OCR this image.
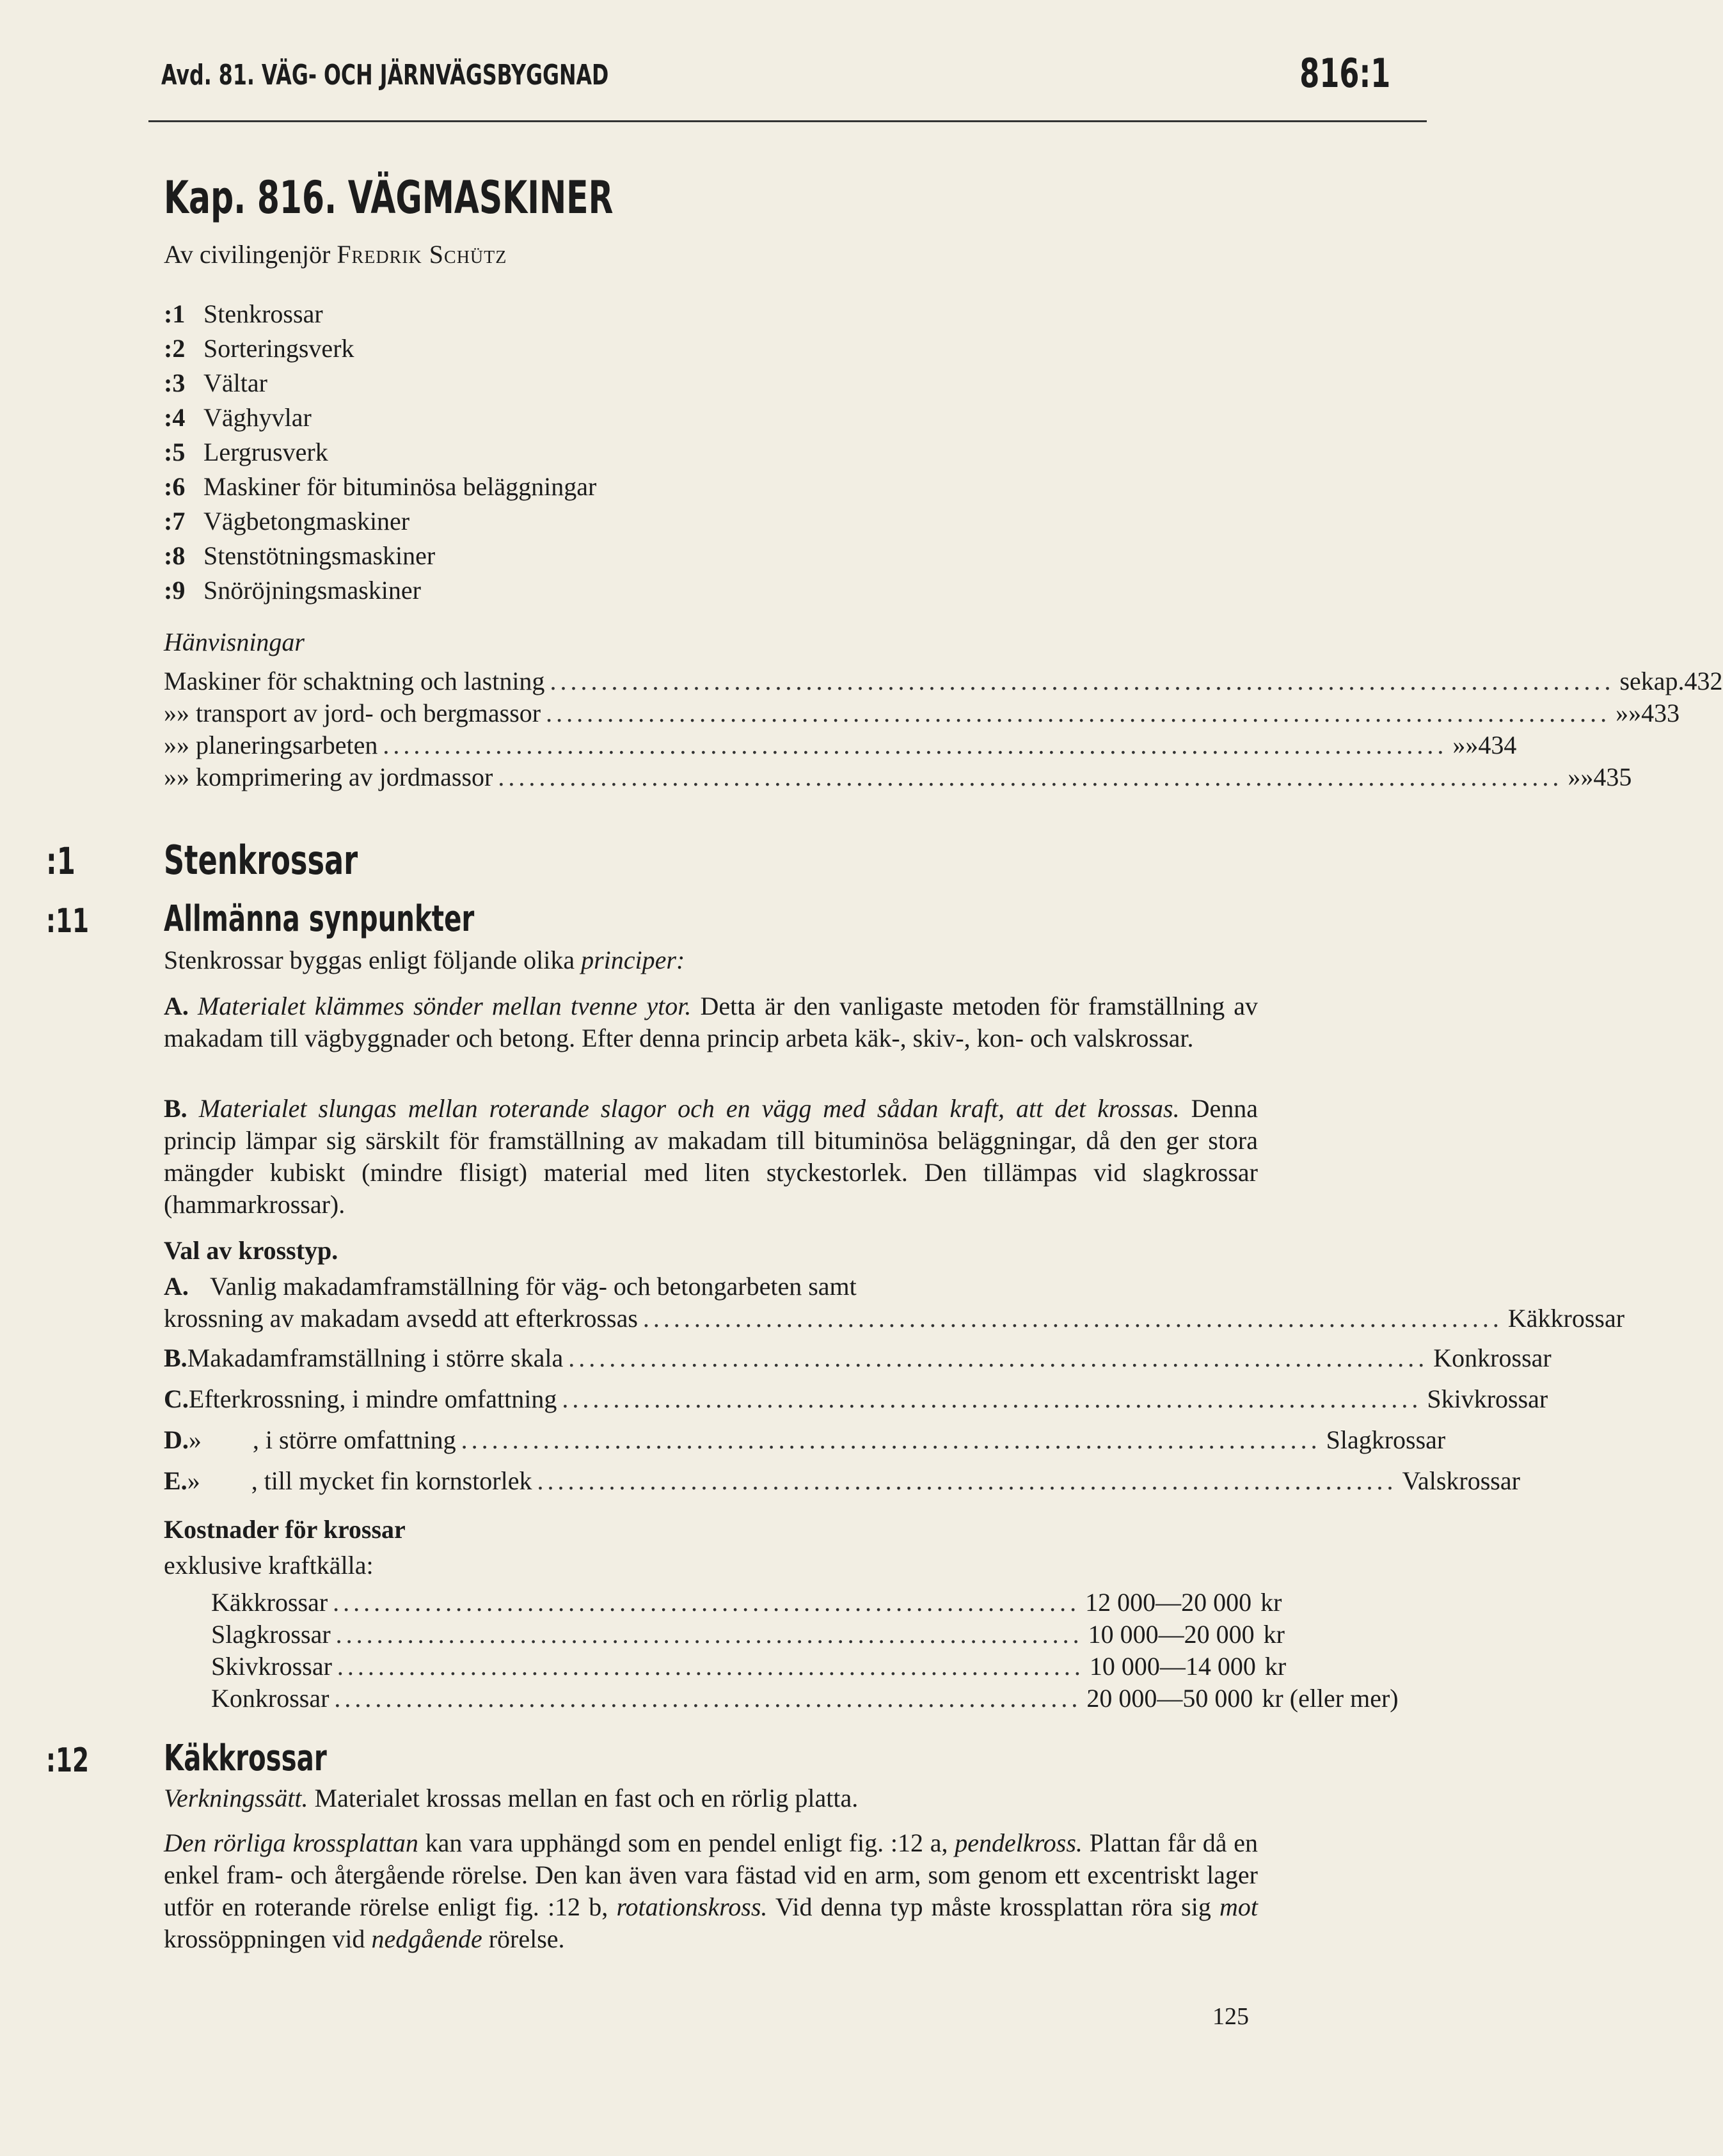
Avd. 81. VÄG- OCH JÄRNVÄGSBYGGNAD	816:1
Kap. 816. VÄGMASKINER
Av civilingenjör Fredrik Schütz
:1 Stenkrossar
:2 Sorteringsverk
:3 Vältar
:4 Väghyvlar
:5 Lergrusverk
:6 Maskiner för bituminösa beläggningar
:7 Vägbetongmaskiner
:8 Stenstötningsmaskiner
:9 Snöröjningsmaskiner
Hänvisningar
Maskiner för
schaktning och lastning ........................................................................................................ se kap. 432
» »
transport av jord- och bergmassor ........................................................................................................ » » 433
» »
planeringsarbeten ........................................................................................................ » » 434
» »
komprimering av jordmassor ........................................................................................................ » » 435
:1 Stenkrossar
:11 Allmänna synpunkter
Stenkrossar byggas enligt följande olika principer:
A. Materialet klämmes sönder mellan tvenne ytor. Detta är den vanligaste metoden för framställning av makadam till vägbyggnader och betong. Efter denna princip arbeta käk-, skiv-, kon- och valskrossar.
B. Materialet slungas mellan roterande slagor och en vägg med sådan kraft, att det krossas. Denna princip lämpar sig särskilt för framställning av makadam till bituminösa beläggningar, då den ger stora mängder kubiskt (mindre flisigt) material med liten styckestorlek. Den tillämpas vid slagkrossar (hammarkrossar).
Val av krosstyp.
A. Vanlig makadamframställning för väg- och betongarbeten samt
krossning av makadam avsedd att efterkrossas .................................................................................... Käkkrossar
B. Makadamframställning i större skala .................................................................................... Konkrossar
C. Efterkrossning, i mindre omfattning .................................................................................... Skivkrossar
D. »        , i större omfattning .................................................................................... Slagkrossar
E. »        , till mycket fin kornstorlek .................................................................................... Valskrossar
Kostnader för krossar
exklusive kraftkälla:
Käkkrossar ......................................................................... 12 000—20 000 kr
Slagkrossar ......................................................................... 10 000—20 000 kr
Skivkrossar ......................................................................... 10 000—14 000 kr
Konkrossar ......................................................................... 20 000—50 000 kr (eller mer)
:12 Käkkrossar
Verkningssätt. Materialet krossas mellan en fast och en rörlig platta.
Den rörliga krossplattan kan vara upphängd som en pendel enligt fig. :12 a, pendelkross. Plattan får då en enkel fram- och återgående rörelse. Den kan även vara fästad vid en arm, som genom ett excentriskt lager utför en roterande rörelse enligt fig. :12 b, rotationskross. Vid denna typ måste krossplattan röra sig mot krossöppningen vid nedgående rörelse.
125
